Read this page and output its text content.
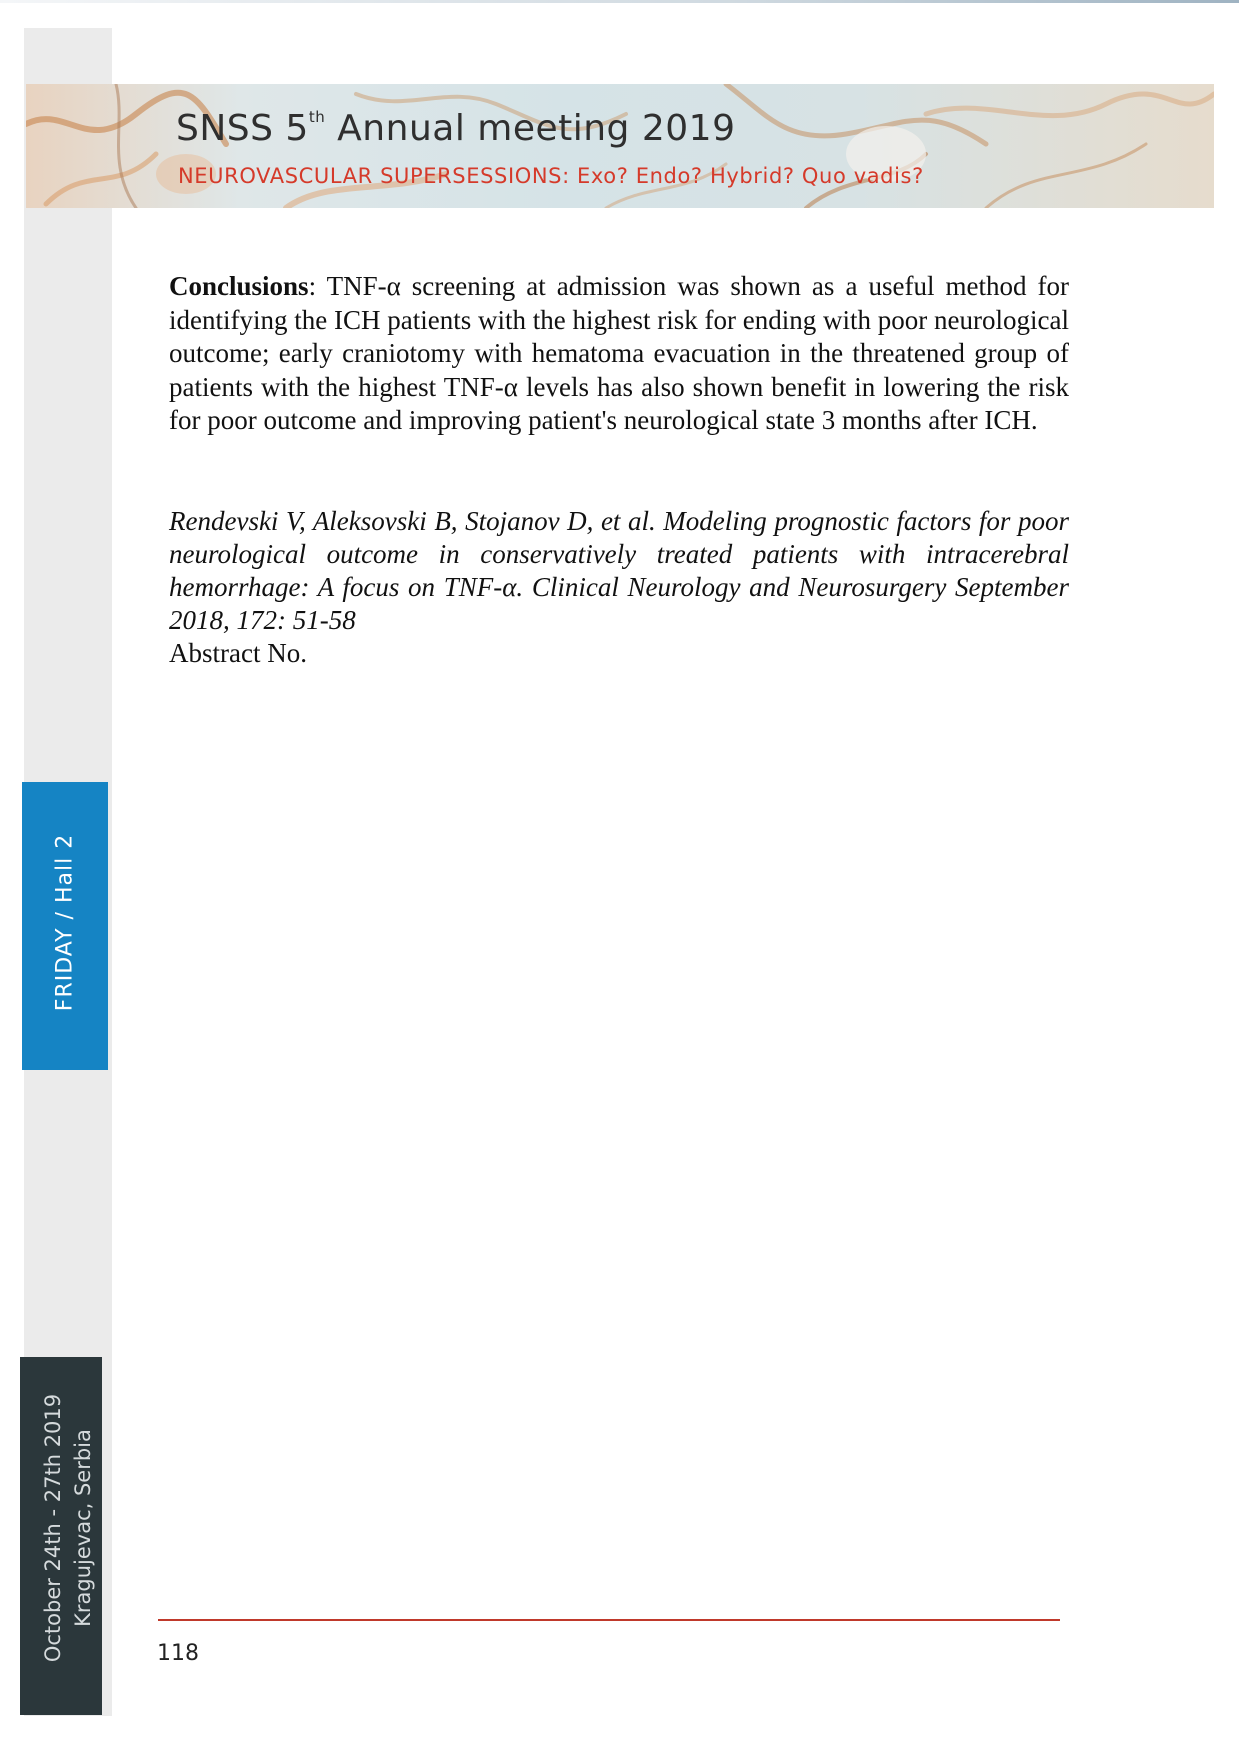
FRIDAY / Hall 2
October 24th - 27th 2019 Kragujevac, Serbia
SNSS 5th Annual meeting 2019
NEUROVASCULAR SUPERSESSIONS: Exo? Endo? Hybrid? Quo vadis?

Conclusions: TNF-α screening at admission was shown as a useful method for identifying the ICH patients with the highest risk for ending with poor neurological outcome; early craniotomy with hematoma evacuation in the threatened group of patients with the highest TNF-α levels has also shown benefit in lowering the risk for poor outcome and improving patient's neurological state 3 months after ICH.

Rendevski V, Aleksovski B, Stojanov D, et al. Modeling prognostic factors for poor neurological outcome in conservatively treated patients with intracerebral hemorrhage: A focus on TNF-α. Clinical Neurology and Neurosurgery September 2018, 172: 51-58
Abstract No.
118
